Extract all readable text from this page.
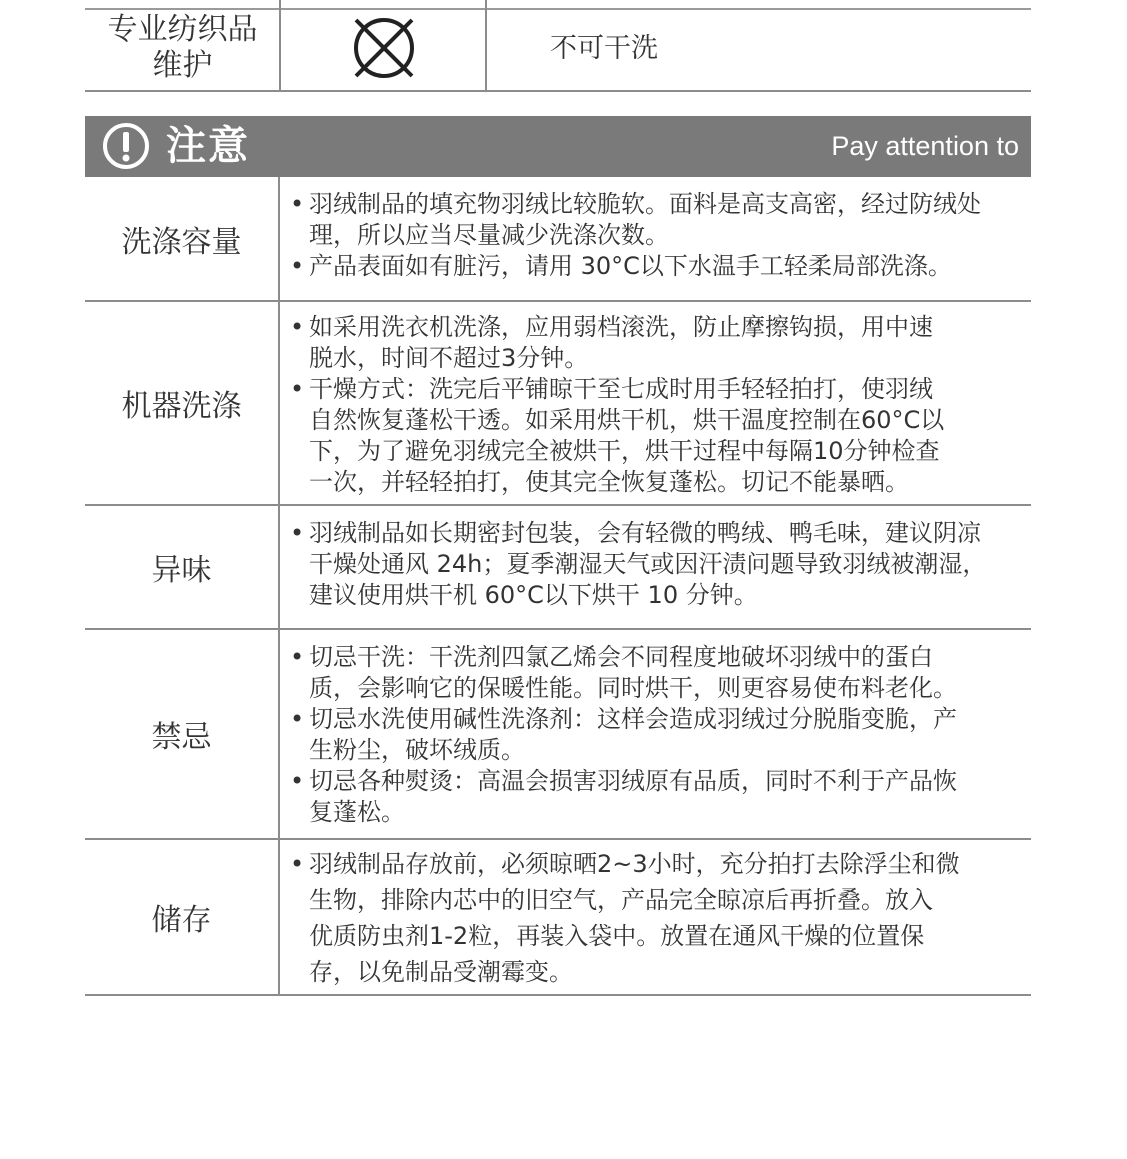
专业纺织品
维护	不可干洗
注意	Pay attention to
洗涤容量
• 羽绒制品的填充物羽绒比较脆软。面料是高支高密，经过防绒处
理，所以应当尽量减少洗涤次数。
• 产品表面如有脏污，请用 30°C以下水温手工轻柔局部洗涤。
机器洗涤
• 如采用洗衣机洗涤，应用弱档滚洗，防止摩擦钩损，用中速
脱水，时间不超过3分钟。
• 干燥方式：洗完后平铺晾干至七成时用手轻轻拍打，使羽绒
自然恢复蓬松干透。如采用烘干机，烘干温度控制在60°C以
下，为了避免羽绒完全被烘干，烘干过程中每隔10分钟检查
一次，并轻轻拍打，使其完全恢复蓬松。切记不能暴晒。
异味
• 羽绒制品如长期密封包装，会有轻微的鸭绒、鸭毛味，建议阴凉
干燥处通风 24h；夏季潮湿天气或因汗渍问题导致羽绒被潮湿，
建议使用烘干机 60°C以下烘干 10 分钟。
禁忌
• 切忌干洗：干洗剂四氯乙烯会不同程度地破坏羽绒中的蛋白
质，会影响它的保暖性能。同时烘干，则更容易使布料老化。
• 切忌水洗使用碱性洗涤剂：这样会造成羽绒过分脱脂变脆，产
生粉尘，破坏绒质。
• 切忌各种熨烫：高温会损害羽绒原有品质，同时不利于产品恢
复蓬松。
储存
• 羽绒制品存放前，必须晾晒2~3小时，充分拍打去除浮尘和微
生物，排除内芯中的旧空气，产品完全晾凉后再折叠。放入
优质防虫剂1-2粒，再装入袋中。放置在通风干燥的位置保
存，以免制品受潮霉变。
